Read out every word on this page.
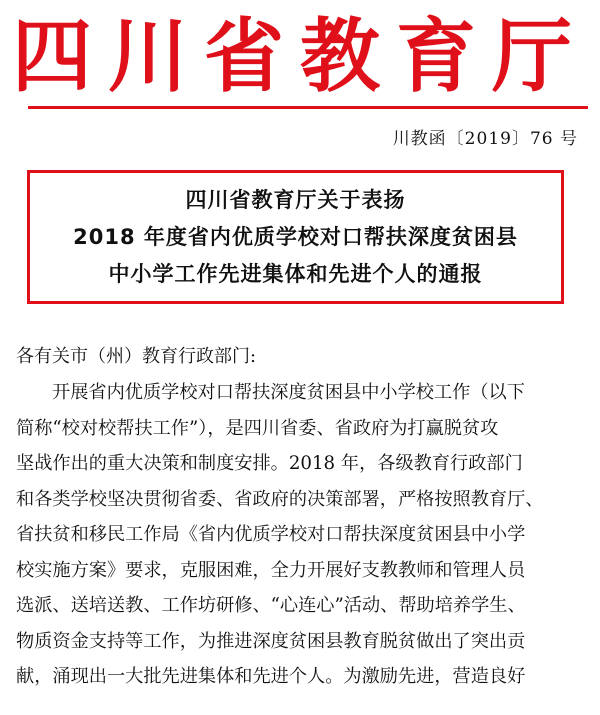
四川省教育厅
川教函〔2019〕76 号
四川省教育厅关于表扬
2018 年度省内优质学校对口帮扶深度贫困县
中小学工作先进集体和先进个人的通报
各有关市（州）教育行政部门:
开展省内优质学校对口帮扶深度贫困县中小学校工作（以下
简称“校对校帮扶工作”），是四川省委、省政府为打赢脱贫攻
坚战作出的重大决策和制度安排。2018 年，各级教育行政部门
和各类学校坚决贯彻省委、省政府的决策部署，严格按照教育厅、
省扶贫和移民工作局《省内优质学校对口帮扶深度贫困县中小学
校实施方案》要求，克服困难，全力开展好支教教师和管理人员
选派、送培送教、工作坊研修、“心连心”活动、帮助培养学生、
物质资金支持等工作，为推进深度贫困县教育脱贫做出了突出贡
献，涌现出一大批先进集体和先进个人。为激励先进，营造良好
